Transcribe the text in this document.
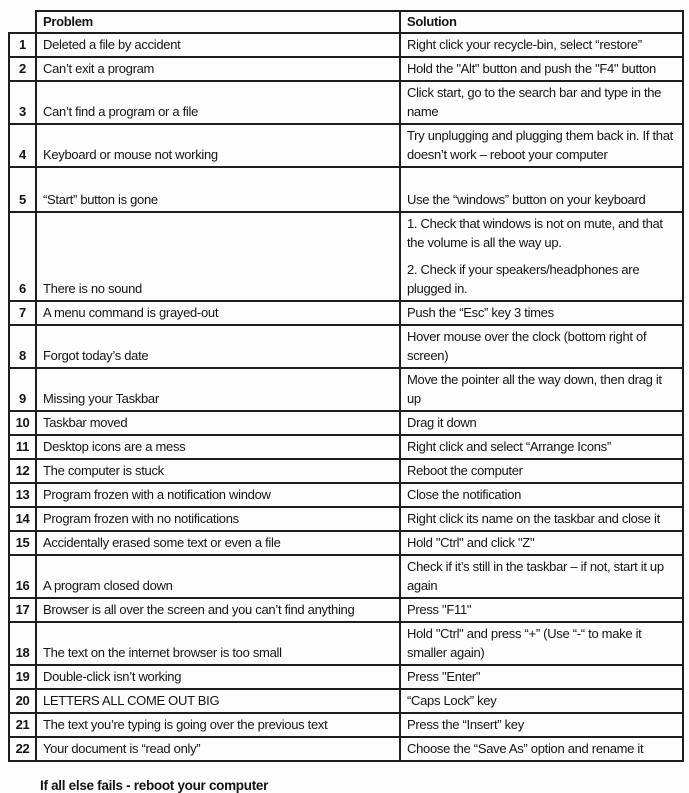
	Problem	Solution
1	Deleted a file by accident	Right click your recycle-bin, select “restore”
2	Can’t exit a program	Hold the "Alt" button and push the "F4" button
3	Can’t find a program or a file	Click start, go to the search bar and type in the name
4	Keyboard or mouse not working	Try unplugging and plugging them back in. If that doesn’t work – reboot your computer
5	“Start” button is gone	Use the “windows” button on your keyboard
6	There is no sound	1. Check that windows is not on mute, and that the volume is all the way up.
2. Check if your speakers/headphones are plugged in.

7	A menu command is grayed-out	Push the “Esc” key 3 times
8	Forgot today’s date	Hover mouse over the clock (bottom right of screen)
9	Missing your Taskbar	Move the pointer all the way down, then drag it up
10	Taskbar moved	Drag it down
11	Desktop icons are a mess	Right click and select “Arrange Icons”
12	The computer is stuck	Reboot the computer
13	Program frozen with a notification window	Close the notification
14	Program frozen with no notifications	Right click its name on the taskbar and close it
15	Accidentally erased some text or even a file	Hold "Ctrl" and click "Z"
16	A program closed down	Check if it’s still in the taskbar – if not, start it up again
17	Browser is all over the screen and you can’t find anything	Press "F11"
18	The text on the internet browser is too small	Hold "Ctrl" and press “+” (Use “-“ to make it smaller again)
19	Double-click isn’t working	Press "Enter"
20	LETTERS ALL COME OUT BIG	“Caps Lock” key
21	The text you’re typing is going over the previous text	Press the “Insert” key
22	Your document is “read only”	Choose the “Save As” option and rename it
If all else fails - reboot your computer
